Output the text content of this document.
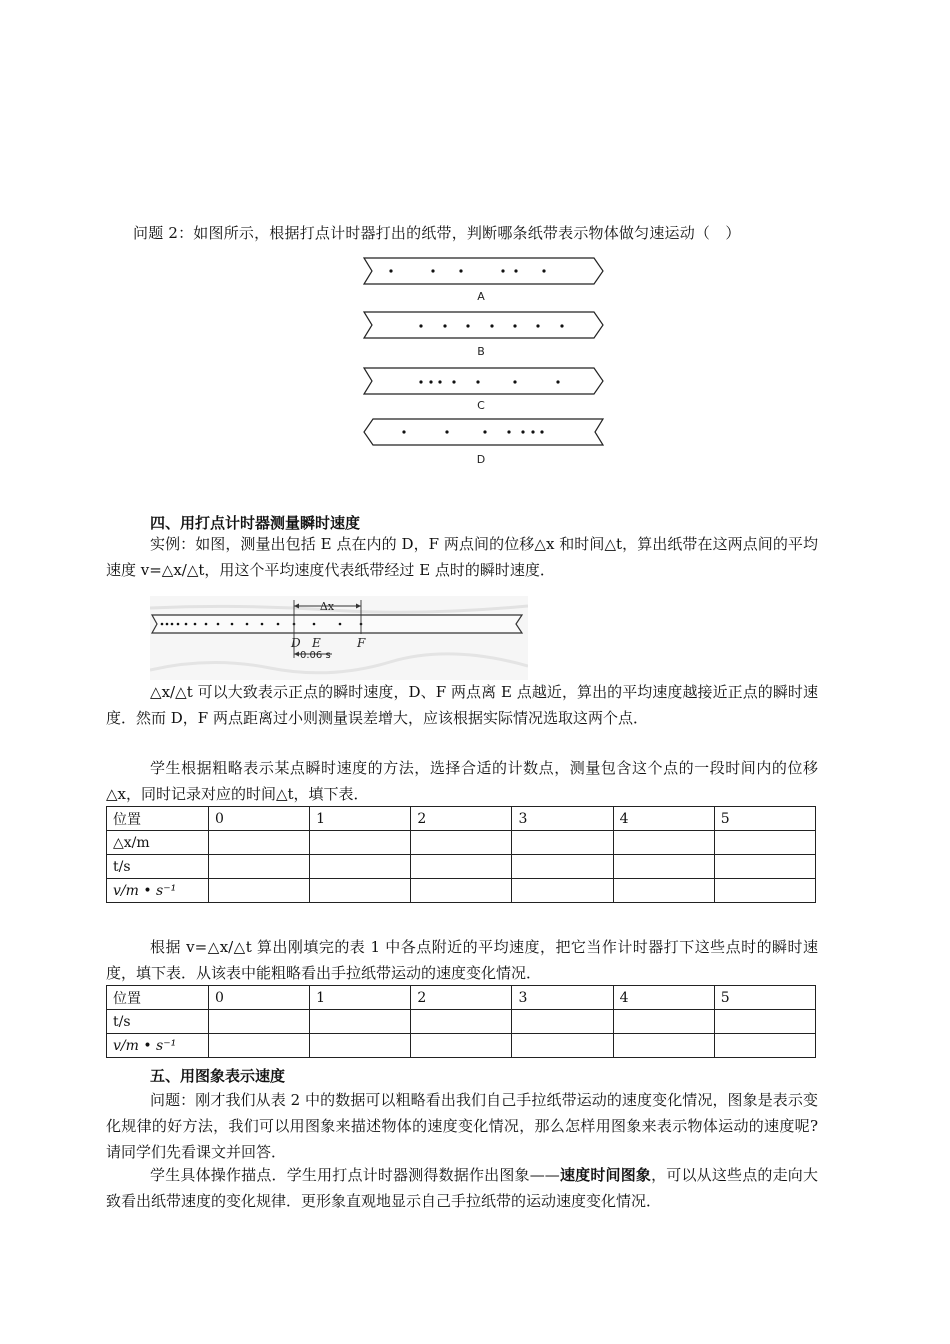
问题 2：如图所示，根据打点计时器打出的纸带，判断哪条纸带表示物体做匀速运动（　）
A
B
C
D
四、用打点计时器测量瞬时速度
实例：如图，测量出包括 E 点在内的 D，F 两点间的位移△x 和时间△t，算出纸带在这两点间的平均速度 v=△x/△t，用这个平均速度代表纸带经过 E 点时的瞬时速度．
Δx
D E	F
0.06 s
△x/△t 可以大致表示正点的瞬时速度，D、F 两点离 E 点越近，算出的平均速度越接近正点的瞬时速度．然而 D，F 两点距离过小则测量误差增大，应该根据实际情况选取这两个点．
学生根据粗略表示某点瞬时速度的方法，选择合适的计数点，测量包含这个点的一段时间内的位移△x，同时记录对应的时间△t，填下表．
位置	0	1	2	3	4	5
△x/m						
t/s						
v/m • s⁻¹						
根据 v=△x/△t 算出刚填完的表 1 中各点附近的平均速度，把它当作计时器打下这些点时的瞬时速度，填下表．从该表中能粗略看出手拉纸带运动的速度变化情况．
位置	0	1	2	3	4	5
t/s						
v/m • s⁻¹						
五、用图象表示速度
问题：刚才我们从表 2 中的数据可以粗略看出我们自己手拉纸带运动的速度变化情况，图象是表示变化规律的好方法，我们可以用图象来描述物体的速度变化情况，那么怎样用图象来表示物体运动的速度呢?请同学们先看课文并回答．
学生具体操作描点．学生用打点计时器测得数据作出图象——速度时间图象，可以从这些点的走向大致看出纸带速度的变化规律．更形象直观地显示自己手拉纸带的运动速度变化情况．
